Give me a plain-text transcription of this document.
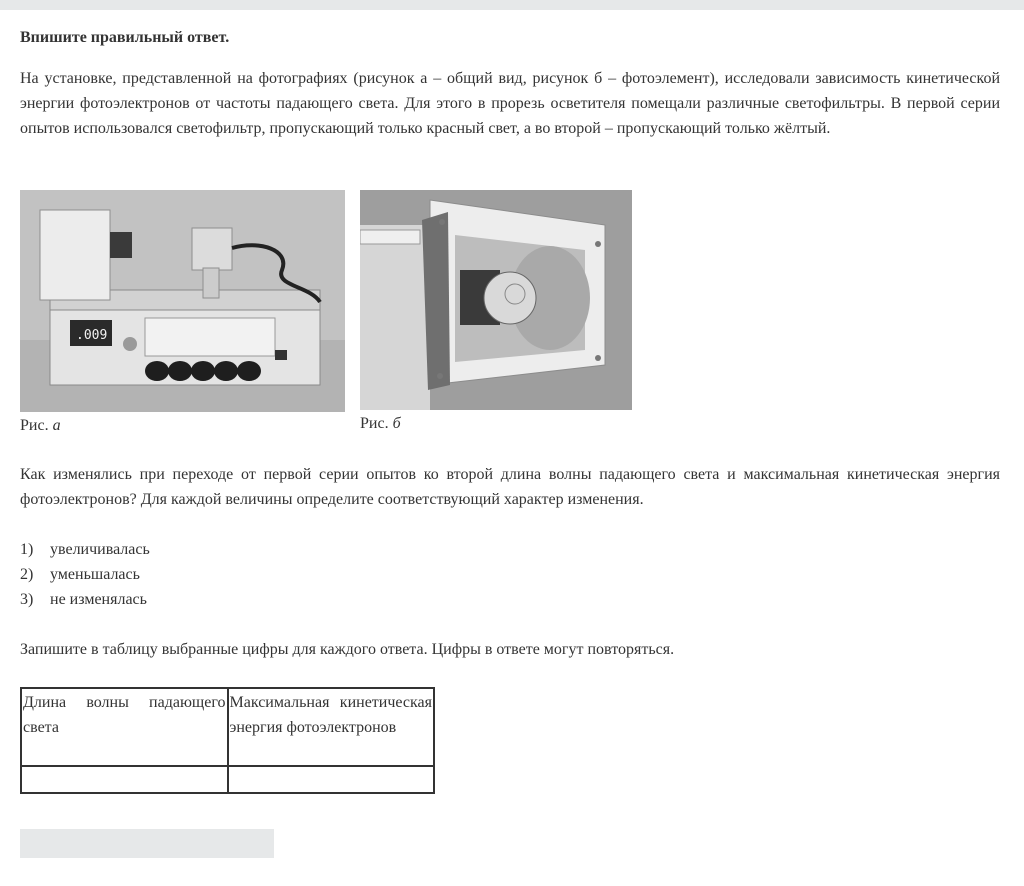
Впишите правильный ответ.

На установке, представленной на фотографиях (рисунок а – общий вид, рисунок б – фотоэлемент), исследовали зависимость кинетической энергии фотоэлектронов от частоты падающего света. Для этого в прорезь осветителя помещали различные светофильтры. В первой серии опытов использовался светофильтр, пропускающий только красный свет, а во второй – пропускающий только жёлтый.

.009
Рис. а	Рис. б

Как изменялись при переходе от первой серии опытов ко второй длина волны падающего света и максимальная кинетическая энергия фотоэлектронов? Для каждой величины определите соответствующий характер изменения.

1) увеличивалась
2) уменьшалась
3) не изменялась
Запишите в таблицу выбранные цифры для каждого ответа. Цифры в ответе могут повторяться.
Длина волны падающего света	Максимальная кинетическая энергия фотоэлектронов
